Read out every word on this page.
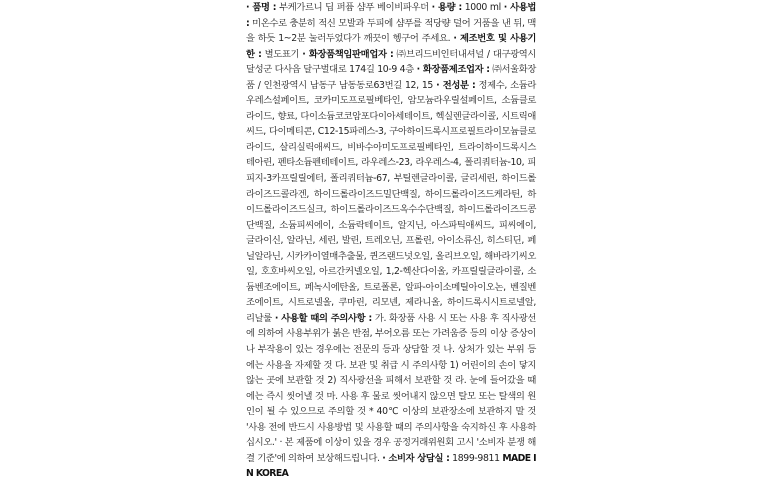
· 품명 : 부케가르니 딥 퍼퓸 샴푸 베이비파우더 · 용량 : 1000 ml · 사용법 : 미온수로 충분히 적신 모발과 두피에 샴푸를 적당량 덜어 거품을 낸 뒤, 맥을 하듯 1~2분 눌러두었다가 깨끗이 헹구어 주세요. · 제조번호 및 사용기한 : 별도표기 · 화장품책임판매업자 : ㈜브리드비인터내셔널 / 대구광역시 달성군 다사읍 달구벌대로 174길 10-9 4층 · 화장품제조업자 : ㈜서울화장품 / 인천광역시 남동구 남동동로63번길 12, 15 · 전성분 : 정제수, 소듐라우레스설페이트, 코카미도프로필베타인, 암모늄라우릴설페이트, 소듐클로라이드, 향료, 다이소듐코코암포다이아세테이트, 헥실렌글라이콜, 시트릭애씨드, 다이메티콘, C12-15파레스-3, 구아하이드록시프로필트라이모늄클로라이드, 살리실릭애씨드, 비바수아미도프로필베타인, 트라이하이드록시스테아린, 펜타소듐펜테테이트, 라우레스-23, 라우레스-4, 폴리쿼터늄-10, 피피지-3카프릴릴에터, 폴리쿼터늄-67, 부틸렌글라이콜, 글리세린, 하이드롤라이즈드콜라겐, 하이드롤라이즈드밀단백질, 하이드롤라이즈드케라틴, 하이드롤라이즈드실크, 하이드롤라이즈드옥수수단백질, 하이드롤라이즈드콩단백질, 소듐피씨에이, 소듐락테이트, 알지닌, 아스파틱애씨드, 피씨에이, 글라이신, 알라닌, 세린, 발린, 트레오닌, 프롤린, 아이소류신, 히스티딘, 페닐알라닌, 시카카이열매추출물, 퀸즈랜드넛오일, 올리브오일, 해바라기씨오일, 호호바씨오일, 아르간커넬오일, 1,2-헥산다이올, 카프릴릴글라이콜, 소듐벤조에이트, 페녹시에탄올, 트로폴론, 알파-아이소메틸아이오논, 벤질벤조에이트, 시트로넬올, 쿠마린, 리모넨, 제라니올, 하이드록시시트로넬알, 리날룰 · 사용할 때의 주의사항 : 가. 화장품 사용 시 또는 사용 후 직사광선에 의하여 사용부위가 붉은 반점, 부어오름 또는 가려움증 등의 이상 증상이나 부작용이 있는 경우에는 전문의 등과 상담할 것 나. 상처가 있는 부위 등에는 사용을 자제할 것 다. 보관 및 취급 시 주의사항 1) 어린이의 손이 닿지 않는 곳에 보관할 것 2) 직사광선을 피해서 보관할 것 라. 눈에 들어갔을 때에는 즉시 씻어낼 것 마. 사용 후 물로 씻어내지 않으면 탈모 또는 탈색의 원인이 될 수 있으므로 주의할 것 * 40℃ 이상의 보관장소에 보관하지 말 것 '사용 전에 반드시 사용방법 및 사용할 때의 주의사항을 숙지하신 후 사용하십시오.' · 본 제품에 이상이 있을 경우 공정거래위원회 고시 '소비자 분쟁 해결 기준'에 의하여 보상해드립니다. · 소비자 상담실 : 1899-9811 MADE IN KOREA
